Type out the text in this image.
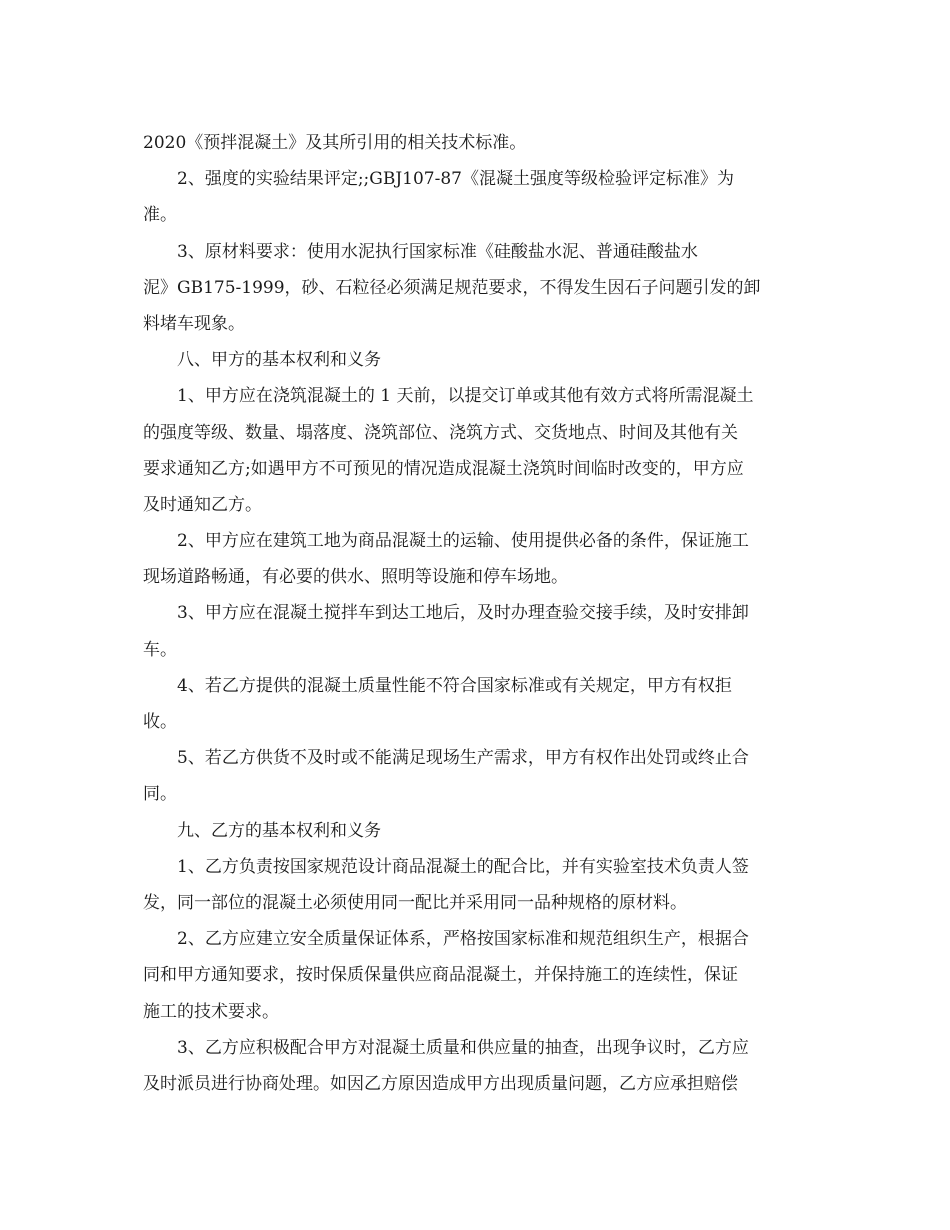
2020《预拌混凝土》及其所引用的相关技术标准。
2、强度的实验结果评定;;GBJ107-87《混凝土强度等级检验评定标准》为
准。
3、原材料要求：使用水泥执行国家标准《硅酸盐水泥、普通硅酸盐水
泥》GB175-1999，砂、石粒径必须满足规范要求，不得发生因石子问题引发的卸
料堵车现象。
八、甲方的基本权利和义务
1、甲方应在浇筑混凝土的 1 天前，以提交订单或其他有效方式将所需混凝土
的强度等级、数量、塌落度、浇筑部位、浇筑方式、交货地点、时间及其他有关
要求通知乙方;如遇甲方不可预见的情况造成混凝土浇筑时间临时改变的，甲方应
及时通知乙方。
2、甲方应在建筑工地为商品混凝土的运输、使用提供必备的条件，保证施工
现场道路畅通，有必要的供水、照明等设施和停车场地。
3、甲方应在混凝土搅拌车到达工地后，及时办理查验交接手续，及时安排卸
车。
4、若乙方提供的混凝土质量性能不符合国家标准或有关规定，甲方有权拒
收。
5、若乙方供货不及时或不能满足现场生产需求，甲方有权作出处罚或终止合
同。
九、乙方的基本权利和义务
1、乙方负责按国家规范设计商品混凝土的配合比，并有实验室技术负责人签
发，同一部位的混凝土必须使用同一配比并采用同一品种规格的原材料。
2、乙方应建立安全质量保证体系，严格按国家标准和规范组织生产，根据合
同和甲方通知要求，按时保质保量供应商品混凝土，并保持施工的连续性，保证
施工的技术要求。
3、乙方应积极配合甲方对混凝土质量和供应量的抽查，出现争议时，乙方应
及时派员进行协商处理。如因乙方原因造成甲方出现质量问题，乙方应承担赔偿
